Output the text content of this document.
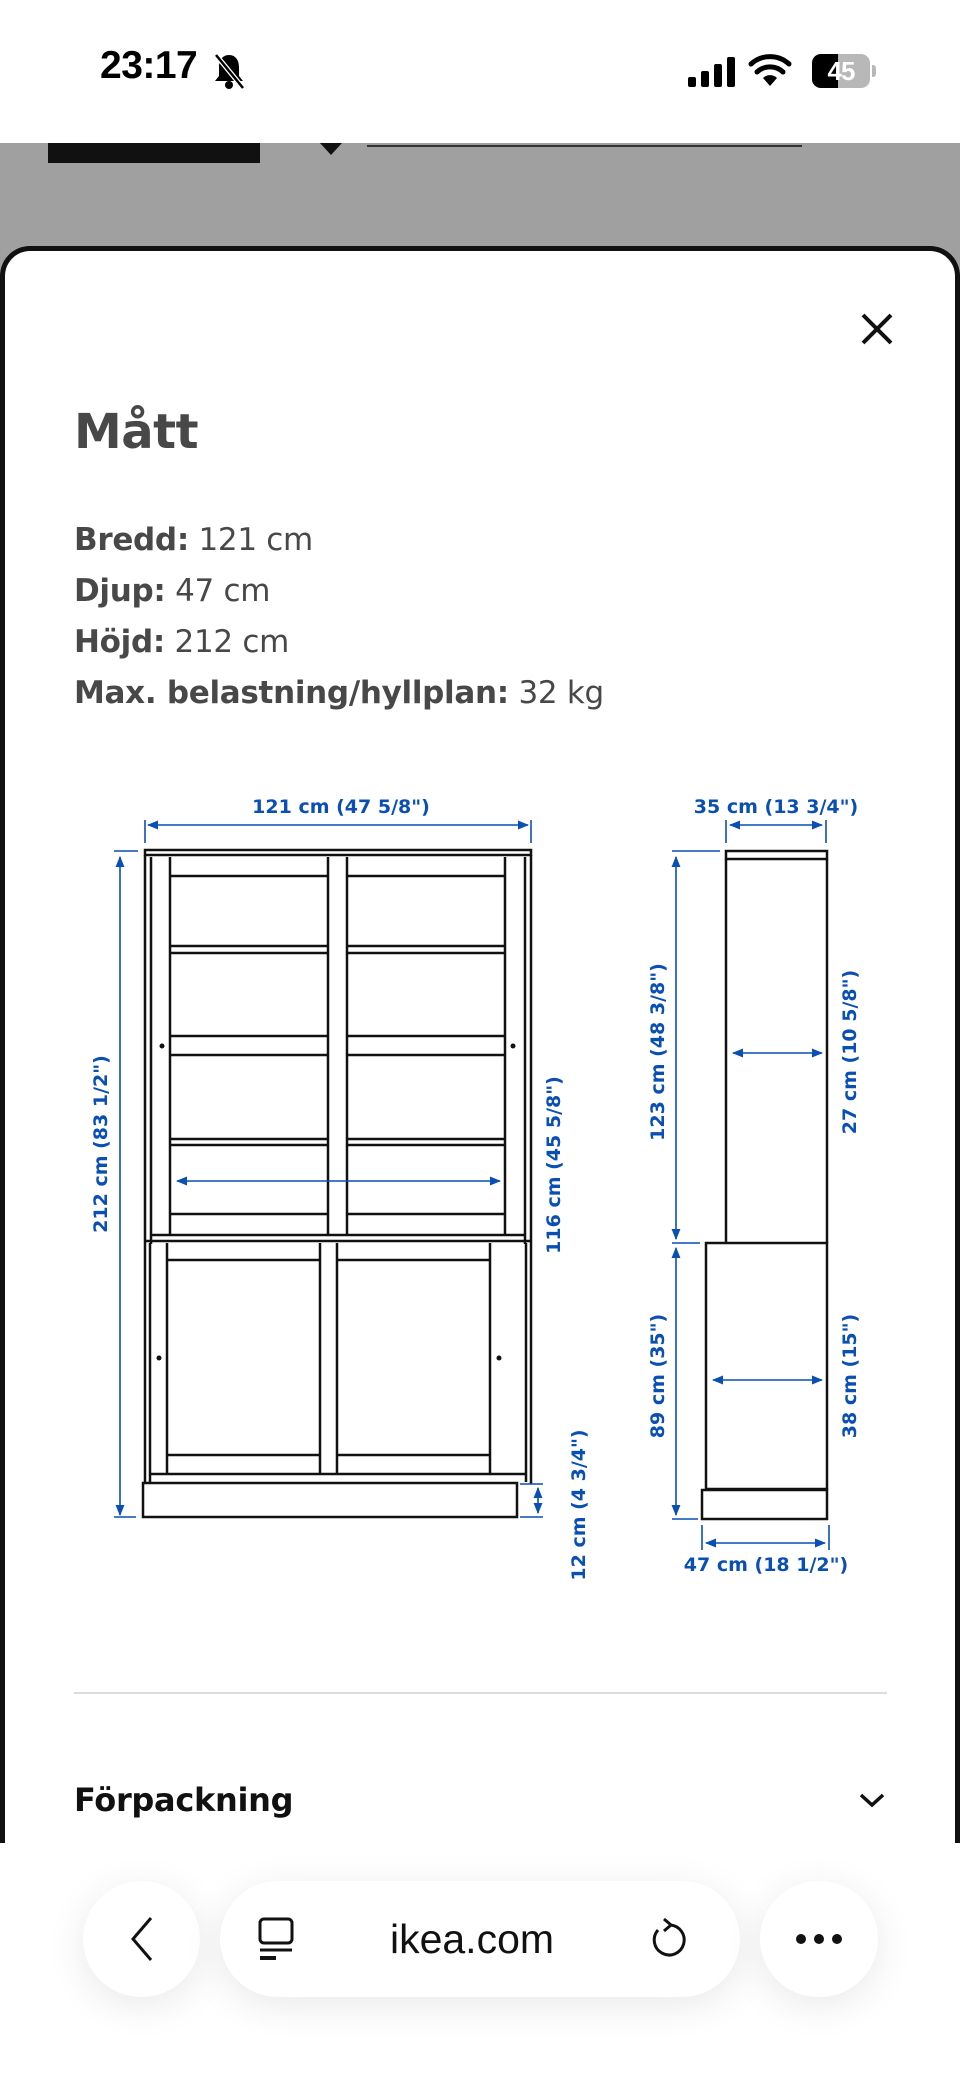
23:17	45
Mått
Bredd: 121 cm
Djup: 47 cm
Höjd: 212 cm
Max. belastning/hyllplan: 32 kg
121 cm (47 5/8")
212 cm (83 1/2")	116 cm (45 5/8")
12 cm (4 3/4")
35 cm (13 3/4")
123 cm (48 3/8")	27 cm (10 5/8")
89 cm (35")	38 cm (15")
47 cm (18 1/2")
Förpackning
ikea.com
